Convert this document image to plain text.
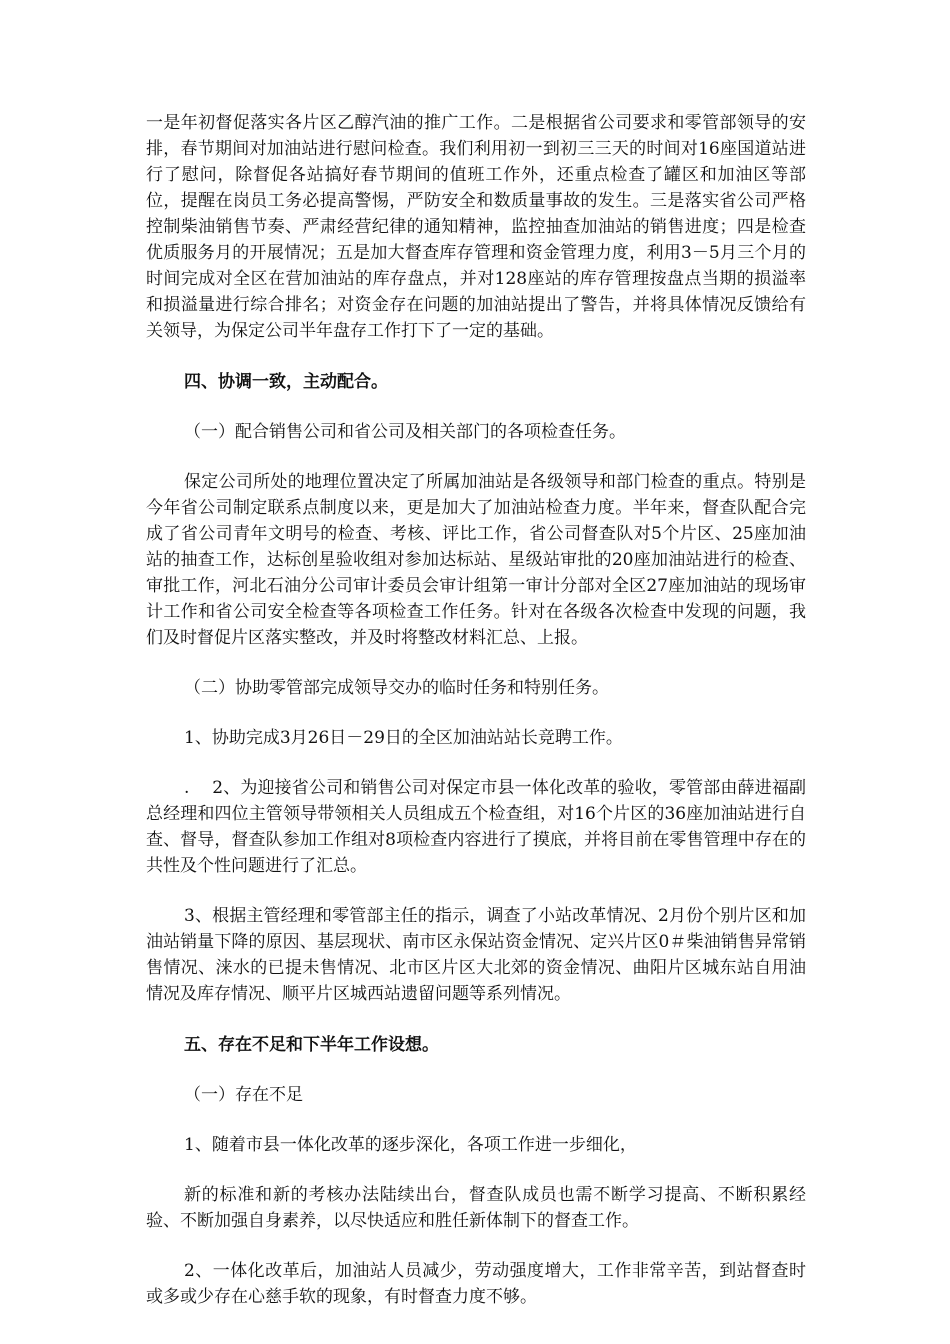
一是年初督促落实各片区乙醇汽油的推广工作。二是根据省公司要求和零管部领导的安排，春节期间对加油站进行慰问检查。我们利用初一到初三三天的时间对16座国道站进行了慰问，除督促各站搞好春节期间的值班工作外，还重点检查了罐区和加油区等部位，提醒在岗员工务必提高警惕，严防安全和数质量事故的发生。三是落实省公司严格控制柴油销售节奏、严肃经营纪律的通知精神，监控抽查加油站的销售进度；四是检查优质服务月的开展情况；五是加大督查库存管理和资金管理力度，利用3－5月三个月的时间完成对全区在营加油站的库存盘点，并对128座站的库存管理按盘点当期的损溢率和损溢量进行综合排名；对资金存在问题的加油站提出了警告，并将具体情况反馈给有关领导，为保定公司半年盘存工作打下了一定的基础。

四、协调一致，主动配合。

（一）配合销售公司和省公司及相关部门的各项检查任务。

保定公司所处的地理位置决定了所属加油站是各级领导和部门检查的重点。特别是今年省公司制定联系点制度以来，更是加大了加油站检查力度。半年来，督查队配合完成了省公司青年文明号的检查、考核、评比工作，省公司督查队对5个片区、25座加油站的抽查工作，达标创星验收组对参加达标站、星级站审批的20座加油站进行的检查、审批工作，河北石油分公司审计委员会审计组第一审计分部对全区27座加油站的现场审计工作和省公司安全检查等各项检查工作任务。针对在各级各次检查中发现的问题，我们及时督促片区落实整改，并及时将整改材料汇总、上报。

（二）协助零管部完成领导交办的临时任务和特别任务。

1、协助完成3月26日－29日的全区加油站站长竞聘工作。

.　 2、为迎接省公司和销售公司对保定市县一体化改革的验收，零管部由薛进福副总经理和四位主管领导带领相关人员组成五个检查组，对16个片区的36座加油站进行自查、督导，督查队参加工作组对8项检查内容进行了摸底，并将目前在零售管理中存在的共性及个性问题进行了汇总。

3、根据主管经理和零管部主任的指示，调查了小站改革情况、2月份个别片区和加油站销量下降的原因、基层现状、南市区永保站资金情况、定兴片区0＃柴油销售异常销售情况、涞水的已提未售情况、北市区片区大北郊的资金情况、曲阳片区城东站自用油情况及库存情况、顺平片区城西站遗留问题等系列情况。

五、存在不足和下半年工作设想。

（一）存在不足

1、随着市县一体化改革的逐步深化，各项工作进一步细化，

新的标准和新的考核办法陆续出台，督查队成员也需不断学习提高、不断积累经验、不断加强自身素养，以尽快适应和胜任新体制下的督查工作。

2、一体化改革后，加油站人员减少，劳动强度增大，工作非常辛苦，到站督查时或多或少存在心慈手软的现象，有时督查力度不够。
